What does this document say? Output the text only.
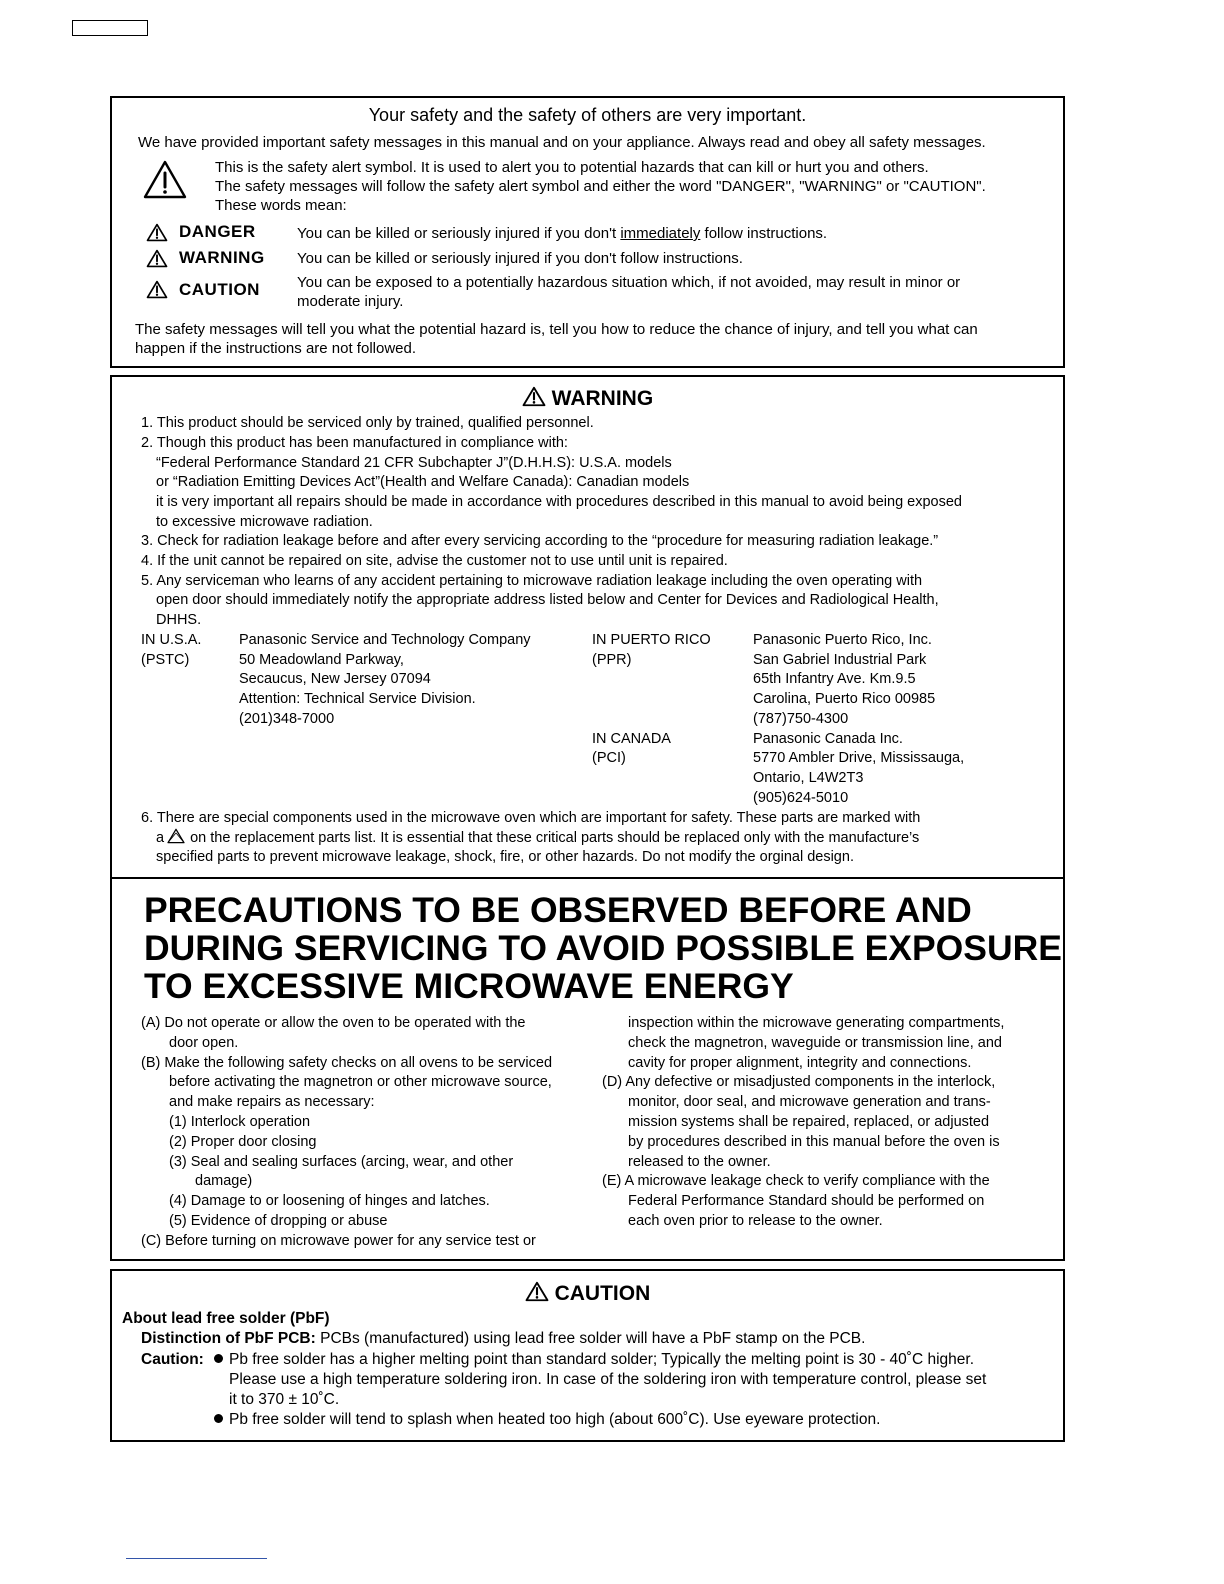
Your safety and the safety of others are very important.
We have provided important safety messages in this manual and on your appliance. Always read and obey all safety messages.
This is the safety alert symbol. It is used to alert you to potential hazards that can kill or hurt you and others.
The safety messages will follow the safety alert symbol and either the word "DANGER", "WARNING" or "CAUTION".
These words mean:
DANGER	You can be killed or seriously injured if you don't immediately follow instructions.
WARNING You can be killed or seriously injured if you don't follow instructions.
CAUTION You can be exposed to a potentially hazardous situation which, if not avoided, may result in minor or
moderate injury.
The safety messages will tell you what the potential hazard is, tell you how to reduce the chance of injury, and tell you what can
happen if the instructions are not followed.
WARNING
1. This product should be serviced only by trained, qualified personnel.
2. Though this product has been manufactured in compliance with:
“Federal Performance Standard 21 CFR Subchapter J”(D.H.H.S): U.S.A. models
or “Radiation Emitting Devices Act”(Health and Welfare Canada): Canadian models
it is very important all repairs should be made in accordance with procedures described in this manual to avoid being exposed
to excessive microwave radiation.
3. Check for radiation leakage before and after every servicing according to the “procedure for measuring radiation leakage.”
4. If the unit cannot be repaired on site, advise the customer not to use until unit is repaired.
5. Any serviceman who learns of any accident pertaining to microwave radiation leakage including the oven operating with
open door should immediately notify the appropriate address listed below and Center for Devices and Radiological Health,
DHHS.
IN U.S.A.
(PSTC)
Panasonic Service and Technology Company
50 Meadowland Parkway,
Secaucus, New Jersey 07094
Attention: Technical Service Division.
(201)348-7000
IN PUERTO RICO
(PPR)
Panasonic Puerto Rico, Inc.
San Gabriel Industrial Park
65th Infantry Ave. Km.9.5
Carolina, Puerto Rico 00985
(787)750-4300
IN CANADA
(PCI)
Panasonic Canada Inc.
5770 Ambler Drive, Mississauga,
Ontario, L4W2T3
(905)624-5010
6. There are special components used in the microwave oven which are important for safety. These parts are marked with
a on the replacement parts list. It is essential that these critical parts should be replaced only with the manufacture’s
specified parts to prevent microwave leakage, shock, fire, or other hazards. Do not modify the orginal design.
PRECAUTIONS TO BE OBSERVED BEFORE AND
DURING SERVICING TO AVOID POSSIBLE EXPOSURE
TO EXCESSIVE MICROWAVE ENERGY
(A) Do not operate or allow the oven to be operated with the
door open.
(B) Make the following safety checks on all ovens to be serviced
before activating the magnetron or other microwave source,
and make repairs as necessary:
(1) Interlock operation
(2) Proper door closing
(3) Seal and sealing surfaces (arcing, wear, and other
damage)
(4) Damage to or loosening of hinges and latches.
(5) Evidence of dropping or abuse
(C) Before turning on microwave power for any service test or
inspection within the microwave generating compartments,
check the magnetron, waveguide or transmission line, and
cavity for proper alignment, integrity and connections.
(D) Any defective or misadjusted components in the interlock,
monitor, door seal, and microwave generation and trans-
mission systems shall be repaired, replaced, or adjusted
by procedures described in this manual before the oven is
released to the owner.
(E) A microwave leakage check to verify compliance with the
Federal Performance Standard should be performed on
each oven prior to release to the owner.
CAUTION
About lead free solder (PbF)
Distinction of PbF PCB: PCBs (manufactured) using lead free solder will have a PbF stamp on the PCB.
Caution:	Pb free solder has a higher melting point than standard solder; Typically the melting point is 30 - 40˚C higher.
Please use a high temperature soldering iron. In case of the soldering iron with temperature control, please set
it to 370 ± 10˚C.
Pb free solder will tend to splash when heated too high (about 600˚C). Use eyeware protection.
